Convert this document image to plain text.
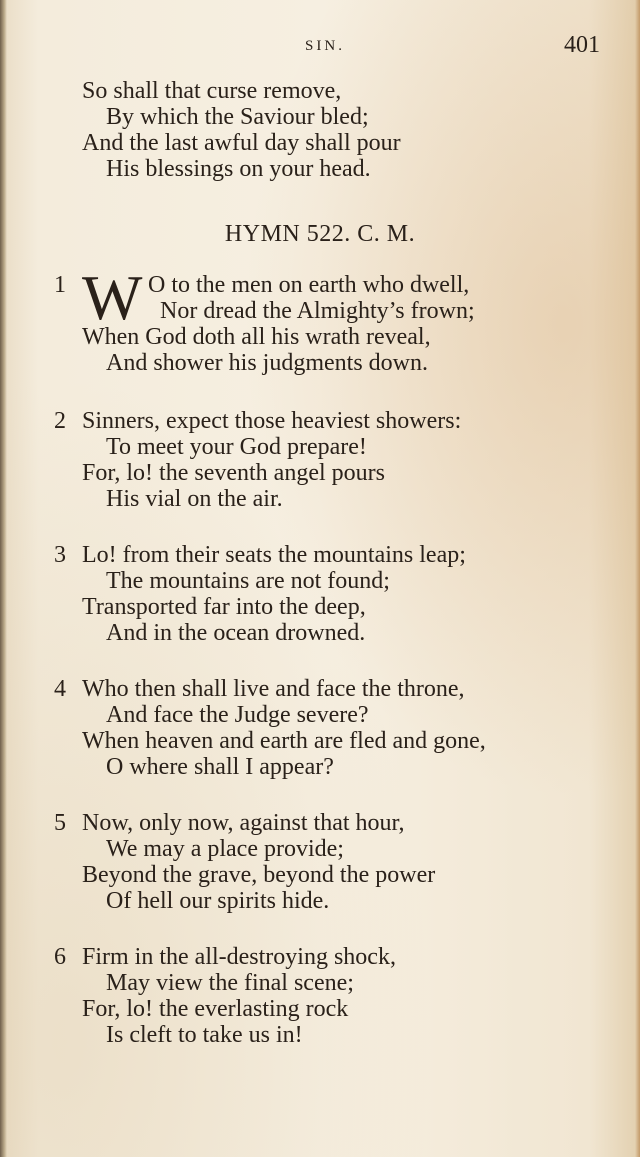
SIN.	401
So shall that curse remove,
By which the Saviour bled;
And the last awful day shall pour
His blessings on your head.
HYMN 522. C. M.
1 W O to the men on earth who dwell,
Nor dread the Almighty’s frown;
When God doth all his wrath reveal,
And shower his judgments down.
2 Sinners, expect those heaviest showers:
To meet your God prepare!
For, lo! the seventh angel pours
His vial on the air.
3 Lo! from their seats the mountains leap;
The mountains are not found;
Transported far into the deep,
And in the ocean drowned.
4 Who then shall live and face the throne,
And face the Judge severe?
When heaven and earth are fled and gone,
O where shall I appear?
5 Now, only now, against that hour,
We may a place provide;
Beyond the grave, beyond the power
Of hell our spirits hide.
6 Firm in the all-destroying shock,
May view the final scene;
For, lo! the everlasting rock
Is cleft to take us in!
